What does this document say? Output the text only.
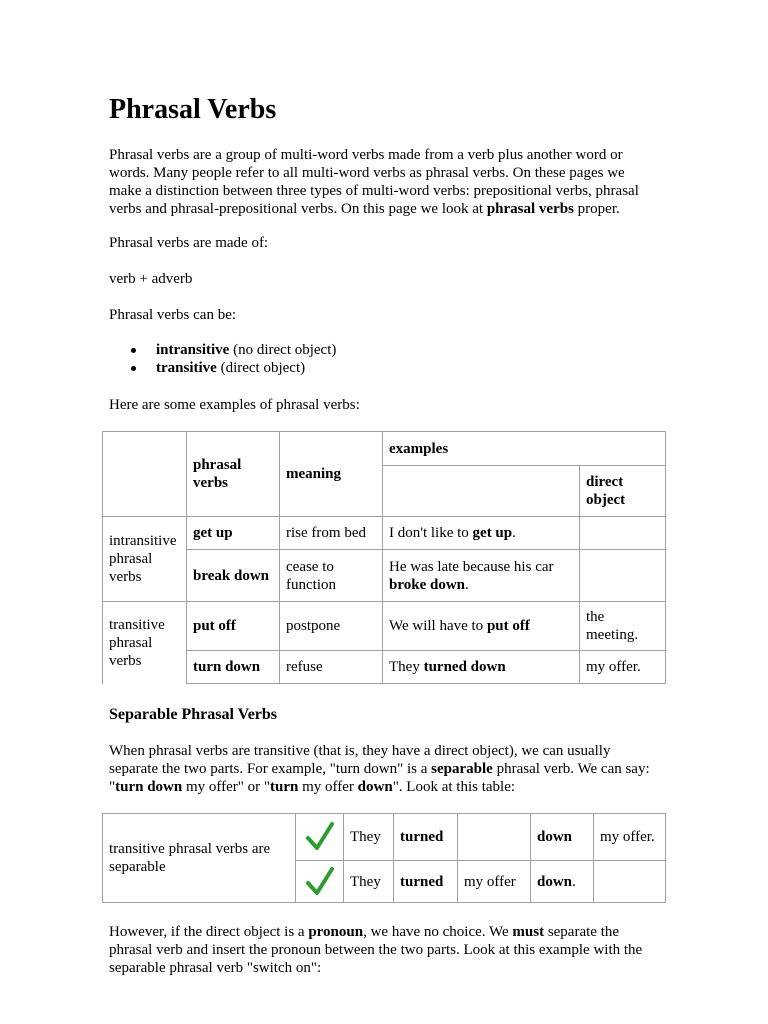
Phrasal Verbs

Phrasal verbs are a group of multi-word verbs made from a verb plus another word or words. Many people refer to all multi-word verbs as phrasal verbs. On these pages we make a distinction between three types of multi-word verbs: prepositional verbs, phrasal verbs and phrasal-prepositional verbs. On this page we look at phrasal verbs proper.

Phrasal verbs are made of:

verb + adverb

Phrasal verbs can be:

intransitive (no direct object)
transitive (direct object)

Here are some examples of phrasal verbs:

Separable Phrasal Verbs

When phrasal verbs are transitive (that is, they have a direct object), we can usually separate the two parts. For example, "turn down" is a separable phrasal verb. We can say: "turn down my offer" or "turn my offer down". Look at this table:

However, if the direct object is a pronoun, we have no choice. We must separate the phrasal verb and insert the pronoun between the two parts. Look at this example with the separable phrasal verb "switch on":

	phrasal verbs	meaning	examples	
				direct object
intransitive phrasal verbs	get up	rise from bed	I don't like to get up.	
	break down	cease to function	He was late because his car broke down.	
transitive phrasal verbs	put off	postpone	We will have to put off	the meeting.
	turn down	refuse	They turned down	my offer.
transitive phrasal verbs are separable		They	turned		down	my offer.

	They	turned	my offer	down.	
